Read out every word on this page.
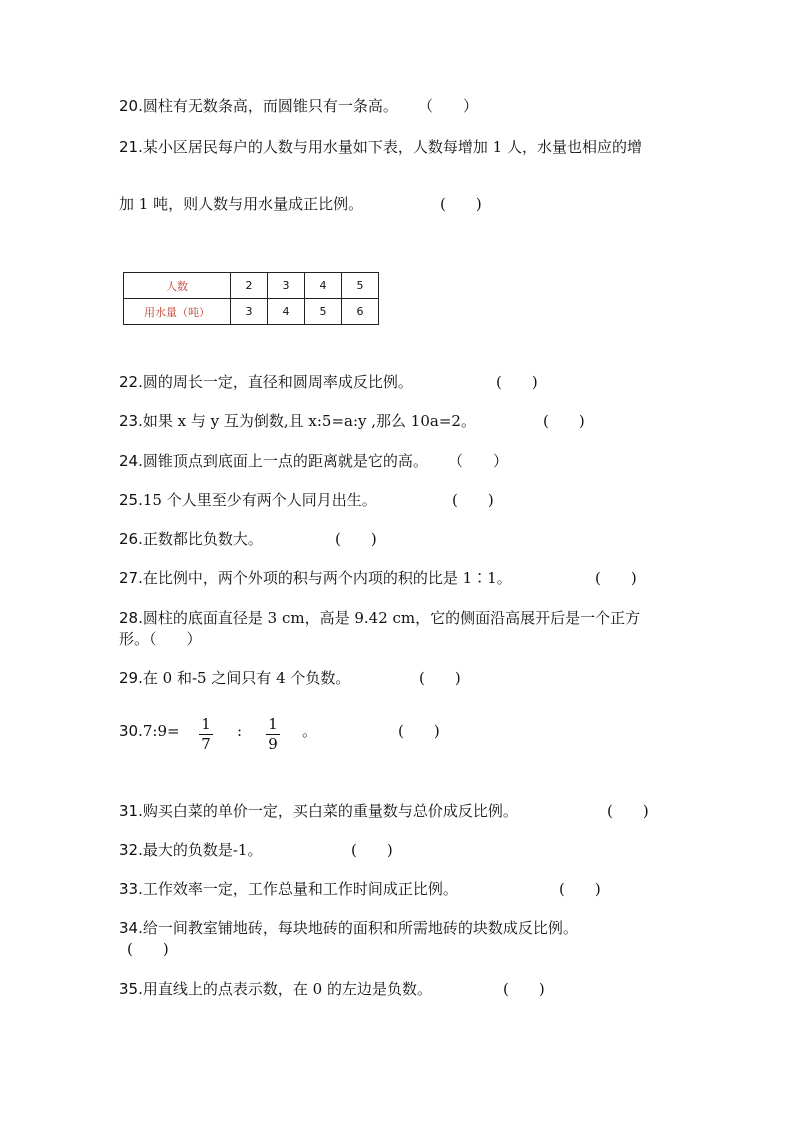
20.圆柱有无数条高，而圆锥只有一条高。 （　　）
21.某小区居民每户的人数与用水量如下表，人数每增加 1 人，水量也相应的增
加 1 吨，则人数与用水量成正比例。	(　　)
人数	2	3	4	5
用水量（吨）	3	4	5	6
22.圆的周长一定，直径和圆周率成反比例。	(　　)
23.如果 x 与 y 互为倒数,且 x:5=a:y ,那么 10a=2。	(　　)
24.圆锥顶点到底面上一点的距离就是它的高。 （　　）
25.15 个人里至少有两个人同月出生。	(　　)
26.正数都比负数大。	(　　)
27.在比例中，两个外项的积与两个内项的积的比是 1∶1。	(　　)
28.圆柱的底面直径是 3 cm，高是 9.42 cm，它的侧面沿高展开后是一个正方
形。（　　）
29.在 0 和-5 之间只有 4 个负数。	(　　)
30.7:9= 1
7
: 1
9
。	(　　)
31.购买白菜的单价一定，买白菜的重量数与总价成反比例。	(　　)
32.最大的负数是-1。	(　　)
33.工作效率一定，工作总量和工作时间成正比例。	(　　)
34.给一间教室铺地砖，每块地砖的面积和所需地砖的块数成反比例。
(　　)
35.用直线上的点表示数，在 0 的左边是负数。	(　　)
